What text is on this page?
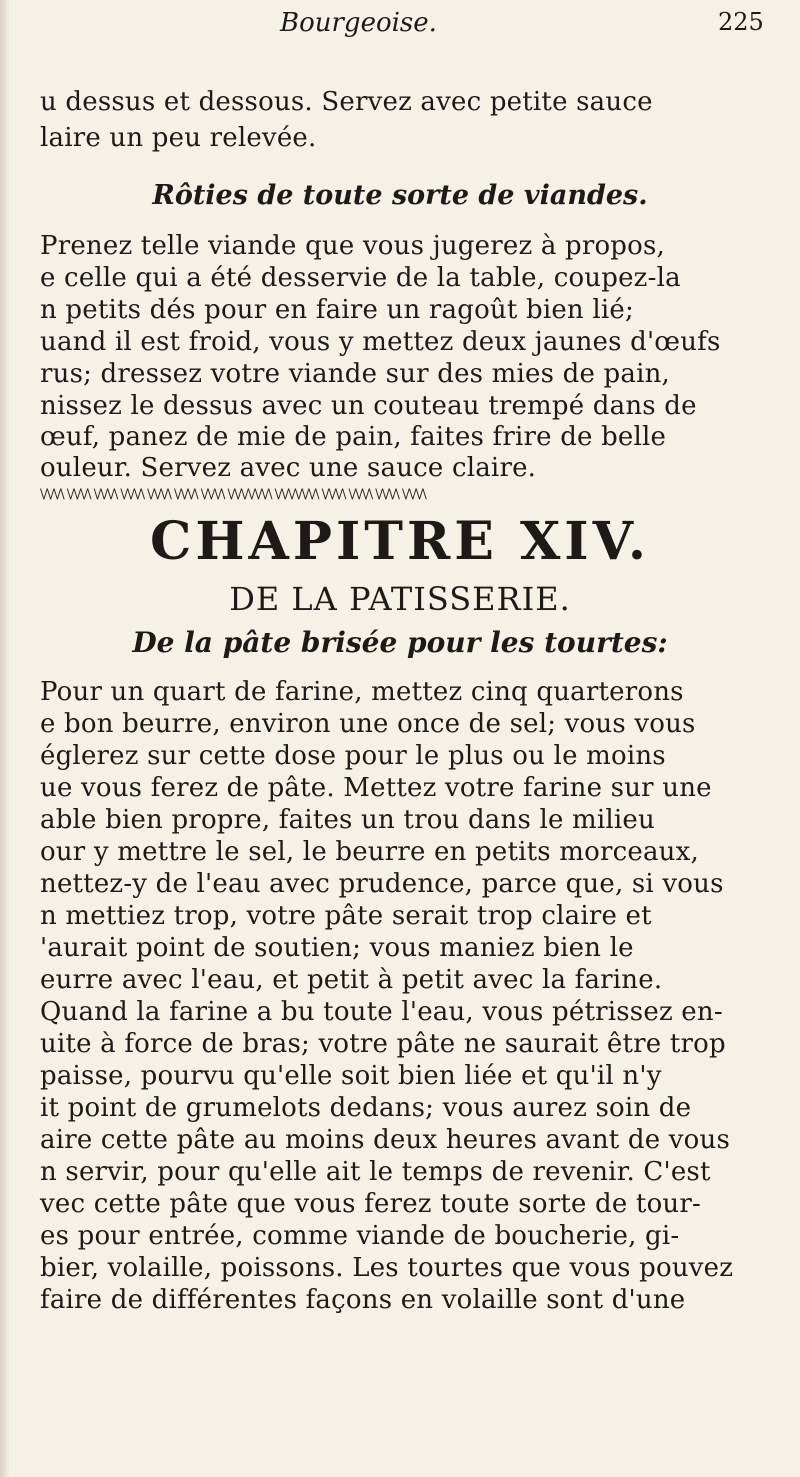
Bourgeoise.	225
u dessus et dessous. Servez avec petite sauce
laire un peu relevée.
Rôties de toute sorte de viandes.
Prenez telle viande que vous jugerez à propos,
e celle qui a été desservie de la table, coupez-la
n petits dés pour en faire un ragoût bien lié;
uand il est froid, vous y mettez deux jaunes d'œufs
rus; dressez votre viande sur des mies de pain,
nissez le dessus avec un couteau trempé dans de
œuf, panez de mie de pain, faites frire de belle
ouleur. Servez avec une sauce claire.
\/\/\/\ \/\/\/\ \/\/\/\ \/\/\/\ \/\/\/\ \/\/\/\ \/\/\/\ \/\/\/\/\/\/\ \/\/\/\/\/\/\ \/\/\/\ \/\/\/\ \/\/\/\ \/\/\/\
CHAPITRE XIV.
DE LA PATISSERIE.
De la pâte brisée pour les tourtes:
Pour un quart de farine, mettez cinq quarterons
e bon beurre, environ une once de sel; vous vous
églerez sur cette dose pour le plus ou le moins
ue vous ferez de pâte. Mettez votre farine sur une
able bien propre, faites un trou dans le milieu
our y mettre le sel, le beurre en petits morceaux,
nettez-y de l'eau avec prudence, parce que, si vous
n mettiez trop, votre pâte serait trop claire et
'aurait point de soutien; vous maniez bien le
eurre avec l'eau, et petit à petit avec la farine.
Quand la farine a bu toute l'eau, vous pétrissez en-
uite à force de bras; votre pâte ne saurait être trop
paisse, pourvu qu'elle soit bien liée et qu'il n'y
it point de grumelots dedans; vous aurez soin de
aire cette pâte au moins deux heures avant de vous
n servir, pour qu'elle ait le temps de revenir. C'est
vec cette pâte que vous ferez toute sorte de tour-
es pour entrée, comme viande de boucherie, gi-
bier, volaille, poissons. Les tourtes que vous pouvez
faire de différentes façons en volaille sont d'une
